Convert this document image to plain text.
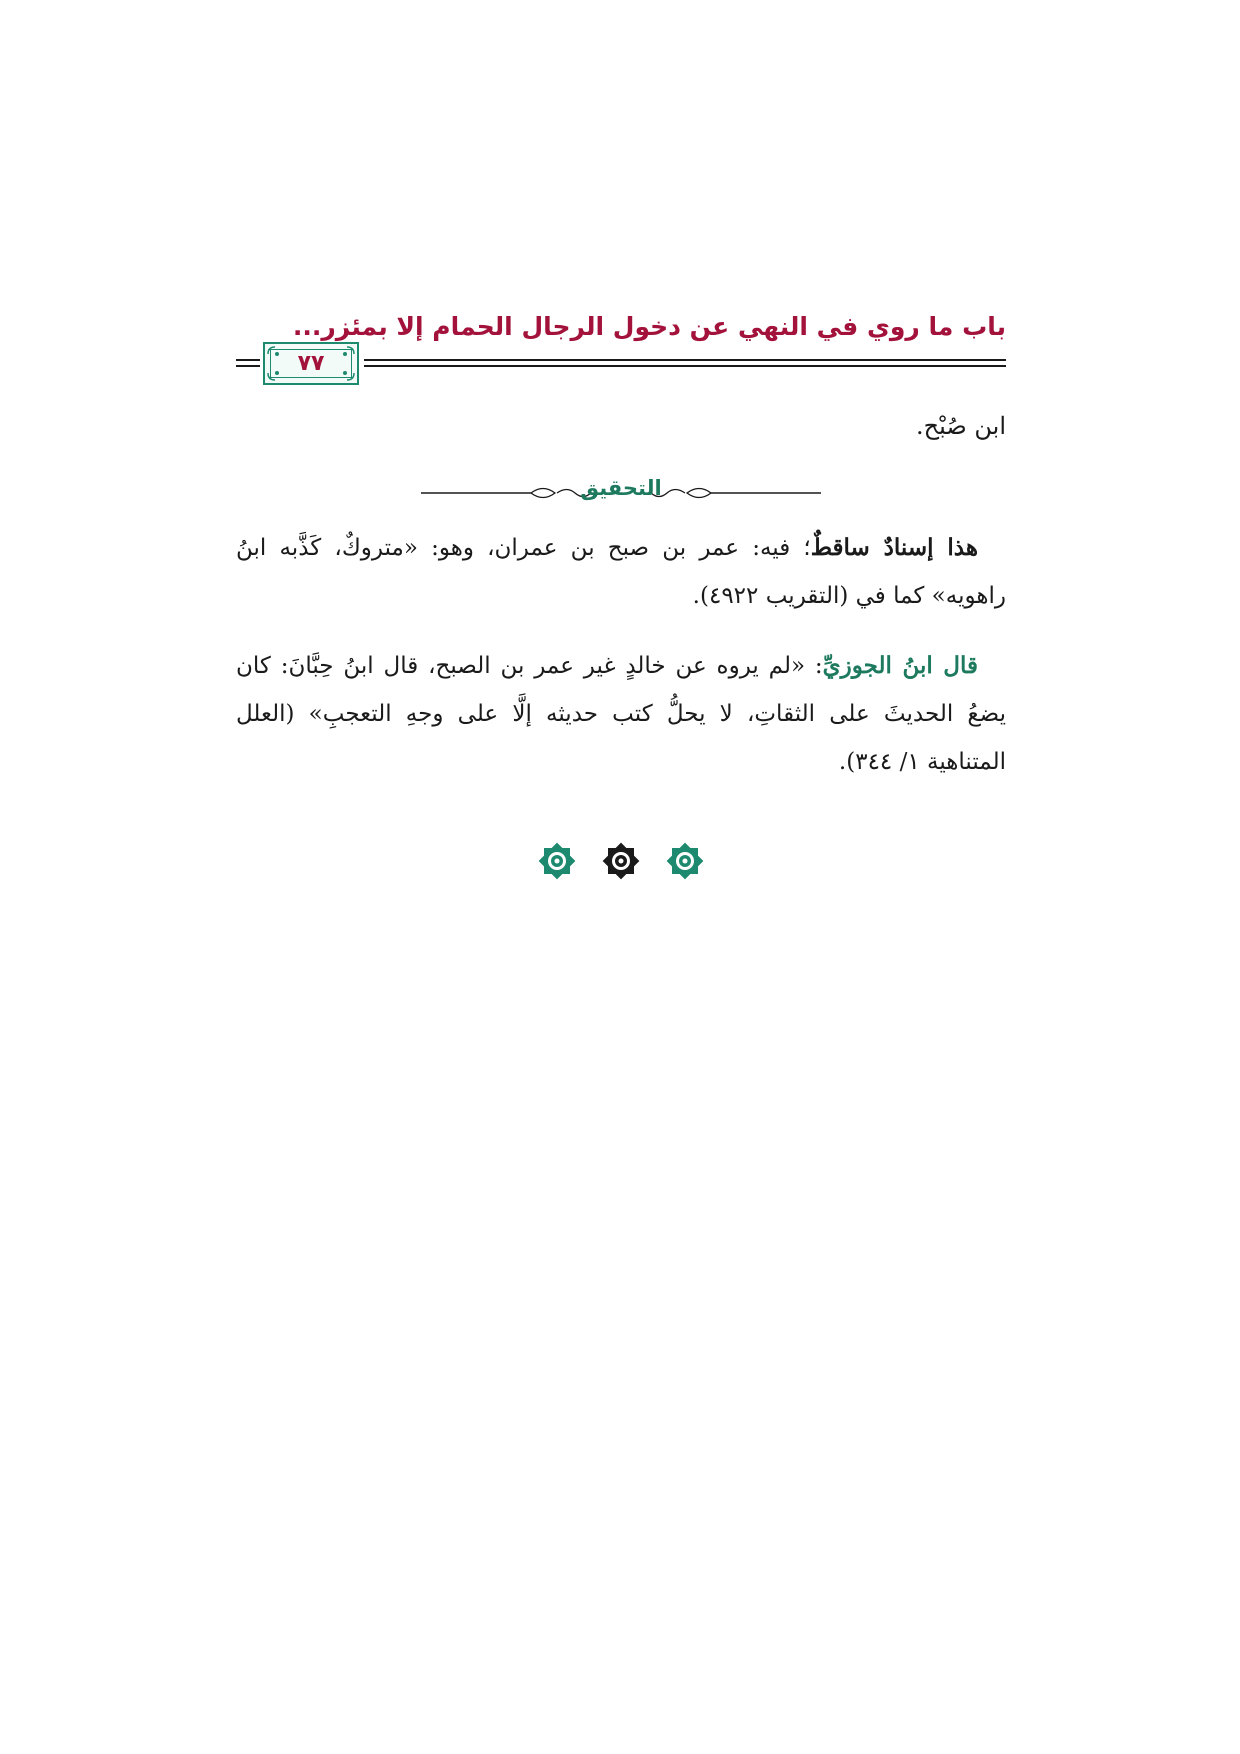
باب ما روي في النهي عن دخول الرجال الحمام إلا بمئزر...
٧٧
ابن صُبْح.
التحقيق
هذا إسنادٌ ساقطٌ؛ فيه: عمر بن صبح بن عمران، وهو: «متروكٌ، كَذَّبه ابنُ راهويه» كما في (التقريب ٤٩٢٢).
قال ابنُ الجوزيِّ: «لم يروه عن خالدٍ غير عمر بن الصبح، قال ابنُ حِبَّانَ: كان يضعُ الحديثَ على الثقاتِ، لا يحلُّ كتب حديثه إلَّا على وجهِ التعجبِ» (العلل المتناهية ١/ ٣٤٤).
